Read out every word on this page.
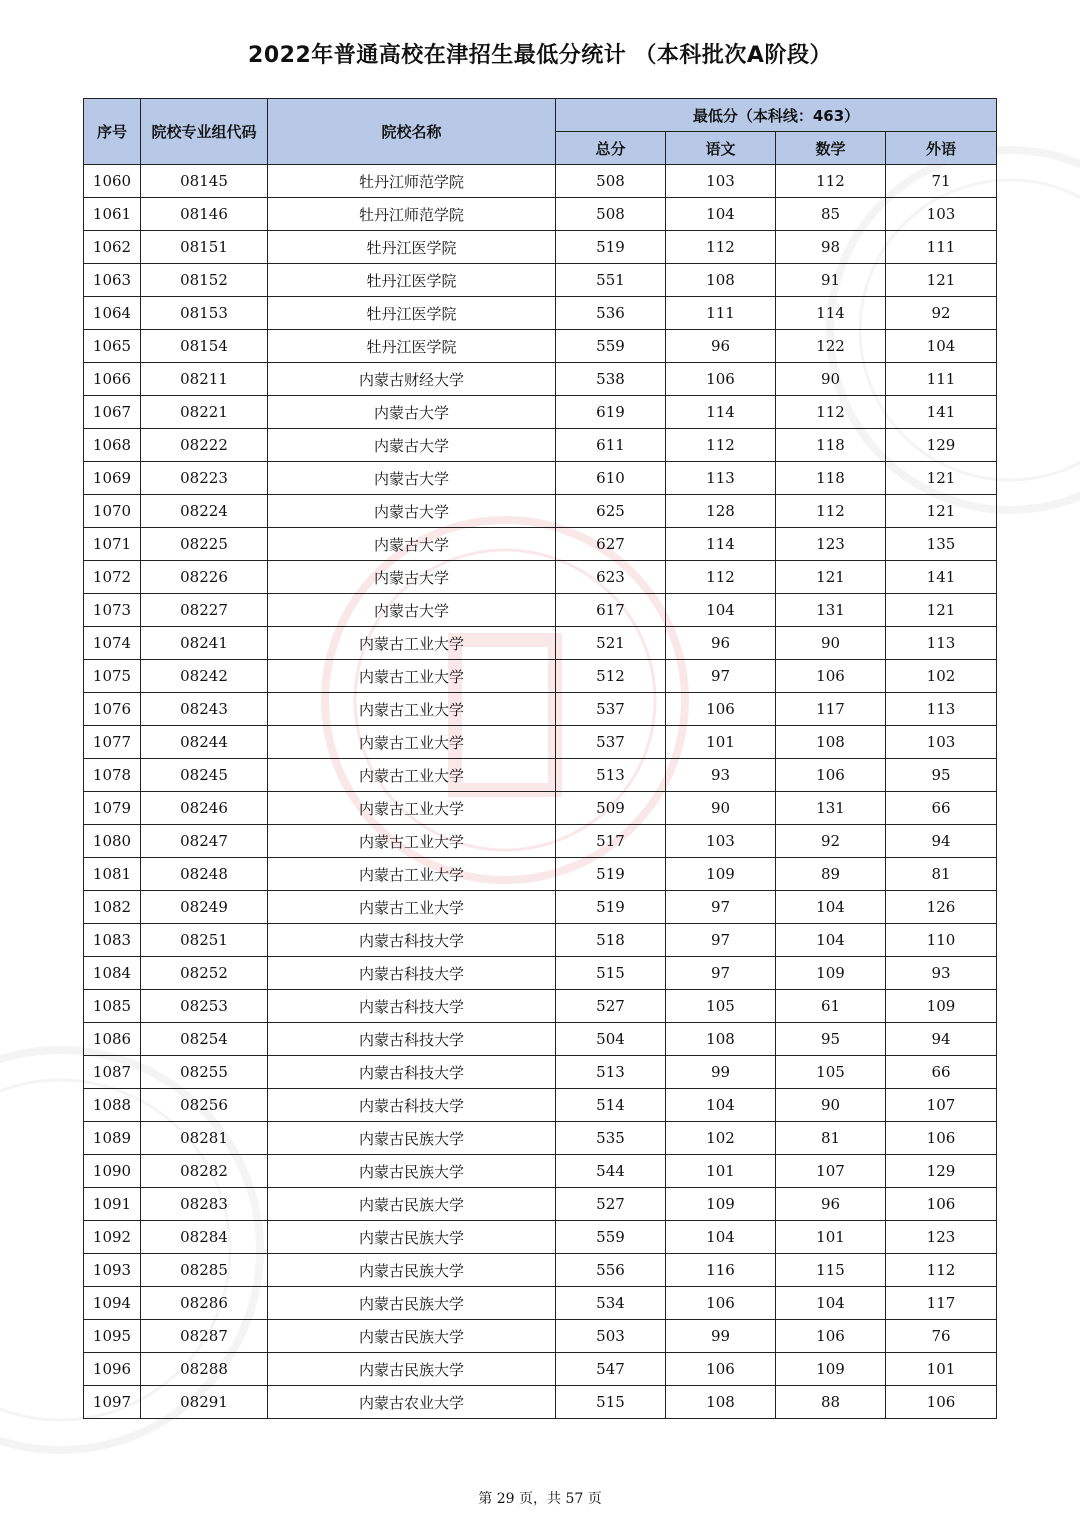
2022年普通高校在津招生最低分统计 （本科批次A阶段）
序号	院校专业组代码	院校名称	最低分（本科线：463）			
			总分	语文	数学	外语
1060	08145	牡丹江师范学院	508	103	112	71
1061	08146	牡丹江师范学院	508	104	85	103
1062	08151	牡丹江医学院	519	112	98	111
1063	08152	牡丹江医学院	551	108	91	121
1064	08153	牡丹江医学院	536	111	114	92
1065	08154	牡丹江医学院	559	96	122	104
1066	08211	内蒙古财经大学	538	106	90	111
1067	08221	内蒙古大学	619	114	112	141
1068	08222	内蒙古大学	611	112	118	129
1069	08223	内蒙古大学	610	113	118	121
1070	08224	内蒙古大学	625	128	112	121
1071	08225	内蒙古大学	627	114	123	135
1072	08226	内蒙古大学	623	112	121	141
1073	08227	内蒙古大学	617	104	131	121
1074	08241	内蒙古工业大学	521	96	90	113
1075	08242	内蒙古工业大学	512	97	106	102
1076	08243	内蒙古工业大学	537	106	117	113
1077	08244	内蒙古工业大学	537	101	108	103
1078	08245	内蒙古工业大学	513	93	106	95
1079	08246	内蒙古工业大学	509	90	131	66
1080	08247	内蒙古工业大学	517	103	92	94
1081	08248	内蒙古工业大学	519	109	89	81
1082	08249	内蒙古工业大学	519	97	104	126
1083	08251	内蒙古科技大学	518	97	104	110
1084	08252	内蒙古科技大学	515	97	109	93
1085	08253	内蒙古科技大学	527	105	61	109
1086	08254	内蒙古科技大学	504	108	95	94
1087	08255	内蒙古科技大学	513	99	105	66
1088	08256	内蒙古科技大学	514	104	90	107
1089	08281	内蒙古民族大学	535	102	81	106
1090	08282	内蒙古民族大学	544	101	107	129
1091	08283	内蒙古民族大学	527	109	96	106
1092	08284	内蒙古民族大学	559	104	101	123
1093	08285	内蒙古民族大学	556	116	115	112
1094	08286	内蒙古民族大学	534	106	104	117
1095	08287	内蒙古民族大学	503	99	106	76
1096	08288	内蒙古民族大学	547	106	109	101
1097	08291	内蒙古农业大学	515	108	88	106
第 29 页，共 57 页
